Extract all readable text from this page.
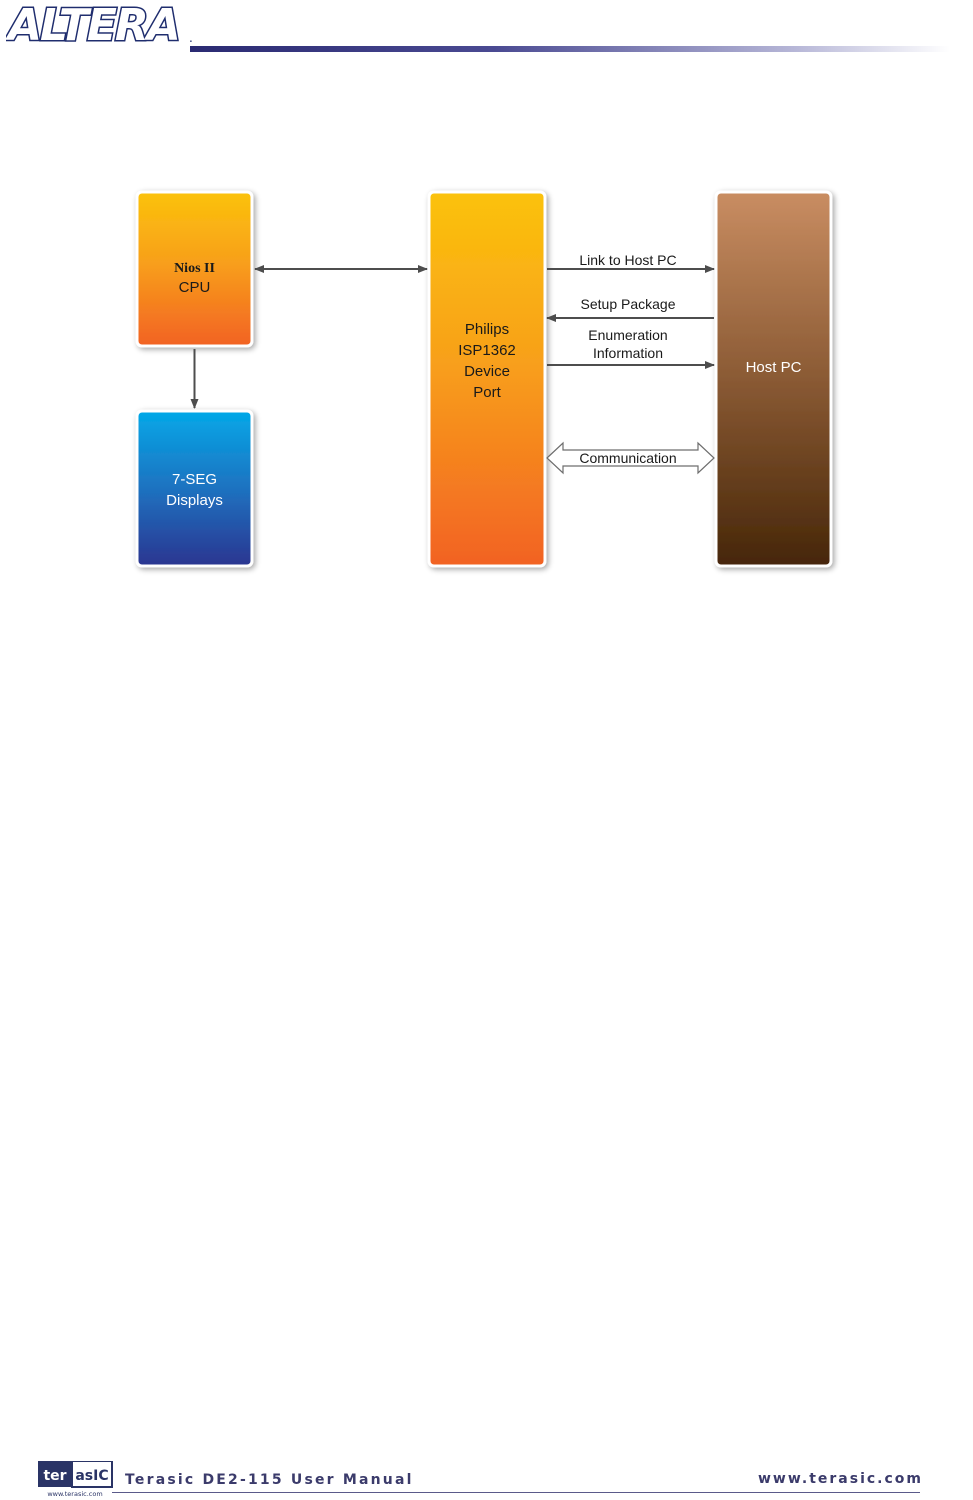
ALTERA .
Nios II
CPU
7-SEG
Displays
Philips
ISP1362
Device
Port
Host PC
Link to Host PC
Setup Package
Enumeration
Information
Communication
ter asIC
www.terasic.com
Terasic DE2-115 User Manual	www.terasic.com
